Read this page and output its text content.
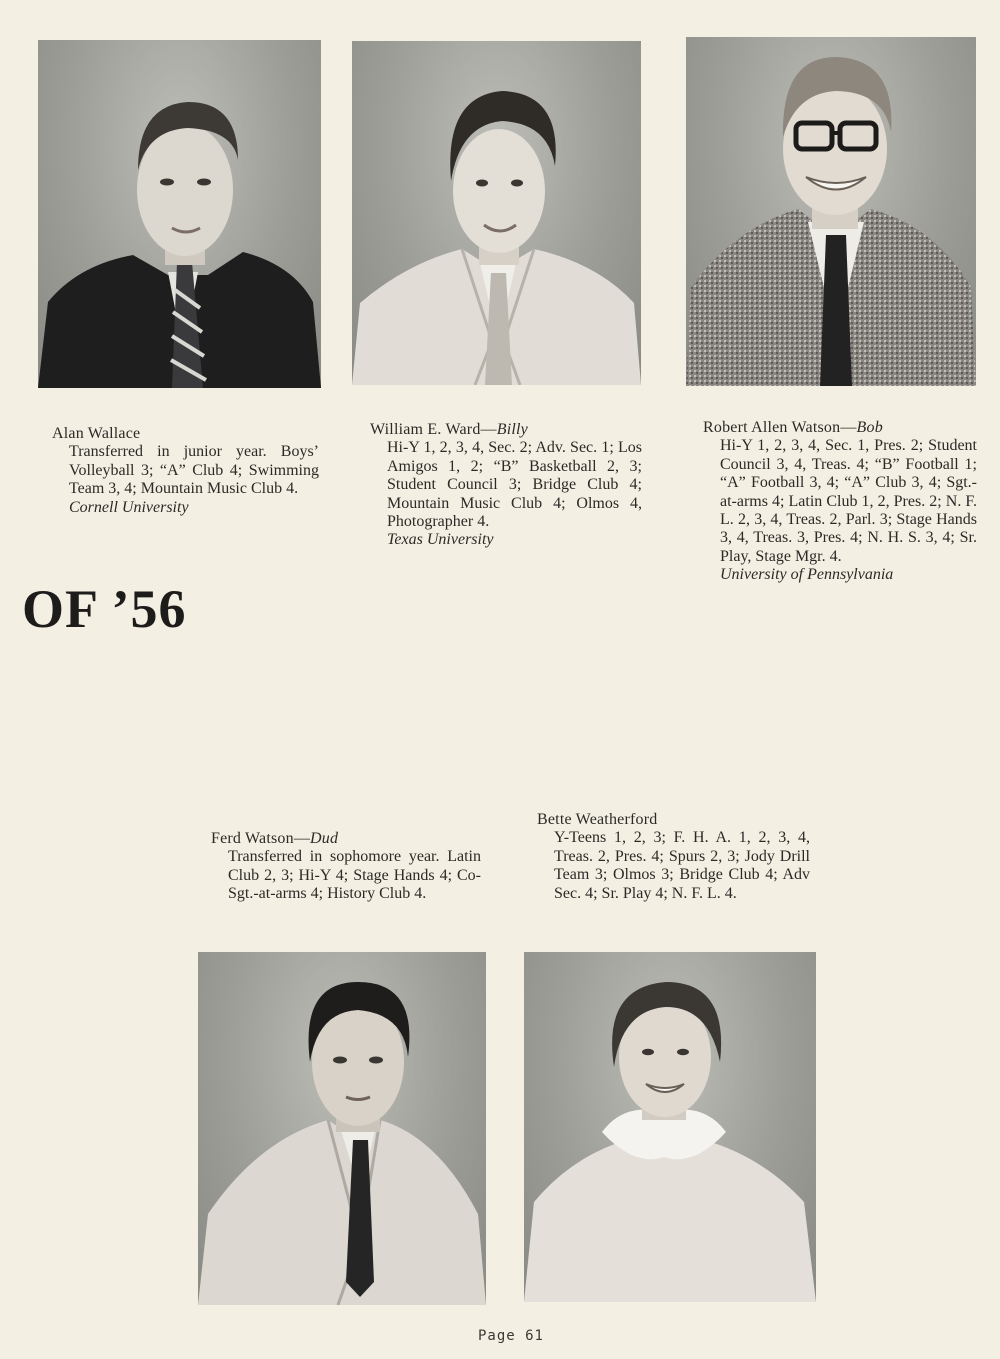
Alan Wallace
Transferred in junior year. Boys’ Volleyball 3; “A” Club 4; Swimming Team 3, 4; Mountain Music Club 4.
Cornell University
William E. Ward—Billy
Hi-Y 1, 2, 3, 4, Sec. 2; Adv. Sec. 1; Los Amigos 1, 2; “B” Basketball 2, 3; Student Council 3; Bridge Club 4; Mountain Music Club 4; Olmos 4, Photographer 4.
Texas University
Robert Allen Watson—Bob
Hi-Y 1, 2, 3, 4, Sec. 1, Pres. 2; Student Council 3, 4, Treas. 4; “B” Football 1; “A” Football 3, 4; “A” Club 3, 4; Sgt.-at-arms 4; Latin Club 1, 2, Pres. 2; N. F. L. 2, 3, 4, Treas. 2, Parl. 3; Stage Hands 3, 4, Treas. 3, Pres. 4; N. H. S. 3, 4; Sr. Play, Stage Mgr. 4.
University of Pennsylvania
OF ’56
Ferd Watson—Dud
Transferred in sophomore year. Latin Club 2, 3; Hi-Y 4; Stage Hands 4; Co-Sgt.-at-arms 4; History Club 4.
Bette Weatherford
Y-Teens 1, 2, 3; F. H. A. 1, 2, 3, 4, Treas. 2, Pres. 4; Spurs 2, 3; Jody Drill Team 3; Olmos 3; Bridge Club 4; Adv Sec. 4; Sr. Play 4; N. F. L. 4.
Page 61
